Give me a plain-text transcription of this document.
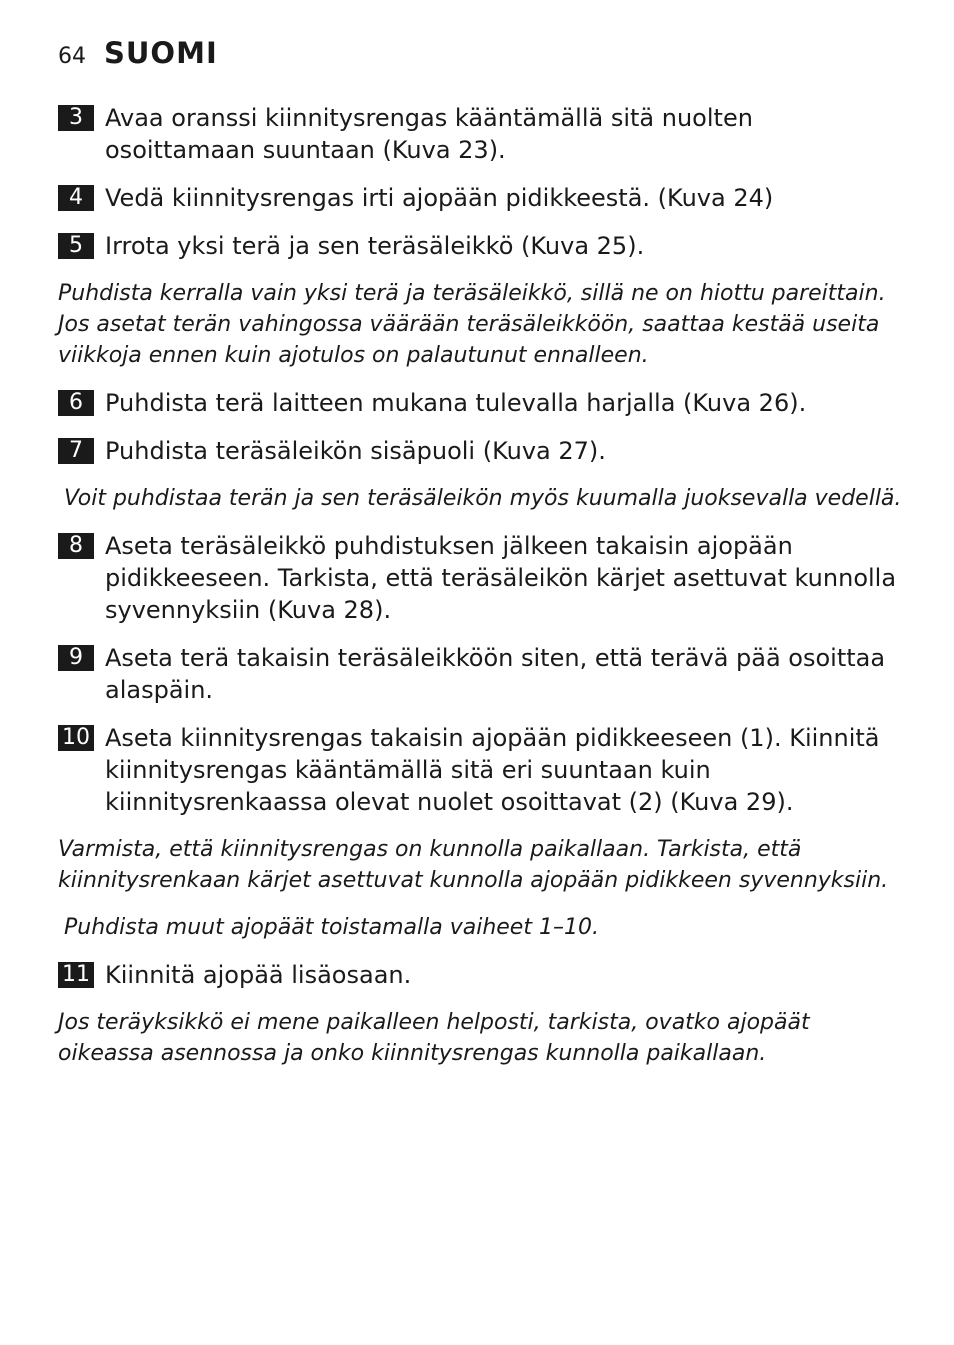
64 SUOMI
3 Avaa oranssi kiinnitysrengas kääntämällä sitä nuolten osoittamaan suuntaan (Kuva 23).
4 Vedä kiinnitysrengas irti ajopään pidikkeestä. (Kuva 24)
5 Irrota yksi terä ja sen teräsäleikkö (Kuva 25).
Puhdista kerralla vain yksi terä ja teräsäleikkö, sillä ne on hiottu pareittain. Jos asetat terän vahingossa väärään teräsäleikköön, saattaa kestää useita viikkoja ennen kuin ajotulos on palautunut ennalleen.
6 Puhdista terä laitteen mukana tulevalla harjalla (Kuva 26).
7 Puhdista teräsäleikön sisäpuoli (Kuva 27).
Voit puhdistaa terän ja sen teräsäleikön myös kuumalla juoksevalla vedellä.
8 Aseta teräsäleikkö puhdistuksen jälkeen takaisin ajopään pidikkeeseen. Tarkista, että teräsäleikön kärjet asettuvat kunnolla syvennyksiin (Kuva 28).
9 Aseta terä takaisin teräsäleikköön siten, että terävä pää osoittaa alaspäin.
10 Aseta kiinnitysrengas takaisin ajopään pidikkeeseen (1). Kiinnitä kiinnitysrengas kääntämällä sitä eri suuntaan kuin kiinnitysrenkaassa olevat nuolet osoittavat (2) (Kuva 29).
Varmista, että kiinnitysrengas on kunnolla paikallaan. Tarkista, että kiinnitysrenkaan kärjet asettuvat kunnolla ajopään pidikkeen syvennyksiin.
Puhdista muut ajopäät toistamalla vaiheet 1–10.
11 Kiinnitä ajopää lisäosaan.
Jos teräyksikkö ei mene paikalleen helposti, tarkista, ovatko ajopäät oikeassa asennossa ja onko kiinnitysrengas kunnolla paikallaan.
